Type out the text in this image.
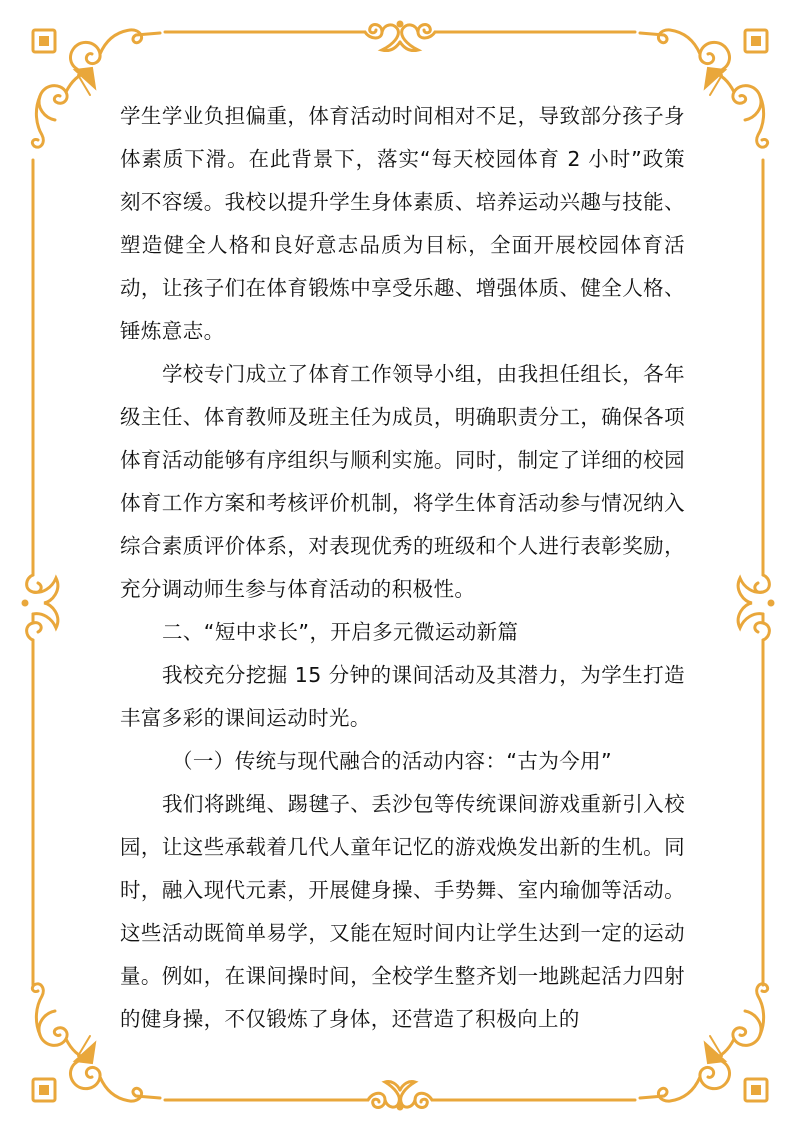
学生学业负担偏重，体育活动时间相对不足，导致部分孩子身体素质下滑。在此背景下，落实“每天校园体育 2 小时”政策刻不容缓。我校以提升学生身体素质、培养运动兴趣与技能、塑造健全人格和良好意志品质为目标，全面开展校园体育活动，让孩子们在体育锻炼中享受乐趣、增强体质、健全人格、锤炼意志。

学校专门成立了体育工作领导小组，由我担任组长，各年级主任、体育教师及班主任为成员，明确职责分工，确保各项体育活动能够有序组织与顺利实施。同时，制定了详细的校园体育工作方案和考核评价机制，将学生体育活动参与情况纳入综合素质评价体系，对表现优秀的班级和个人进行表彰奖励，充分调动师生参与体育活动的积极性。

二、“短中求长”，开启多元微运动新篇

我校充分挖掘 15 分钟的课间活动及其潜力，为学生打造丰富多彩的课间运动时光。

（一）传统与现代融合的活动内容：“古为今用”

我们将跳绳、踢毽子、丢沙包等传统课间游戏重新引入校园，让这些承载着几代人童年记忆的游戏焕发出新的生机。同时，融入现代元素，开展健身操、手势舞、室内瑜伽等活动。这些活动既简单易学，又能在短时间内让学生达到一定的运动量。例如，在课间操时间，全校学生整齐划一地跳起活力四射的健身操，不仅锻炼了身体，还营造了积极向上的
